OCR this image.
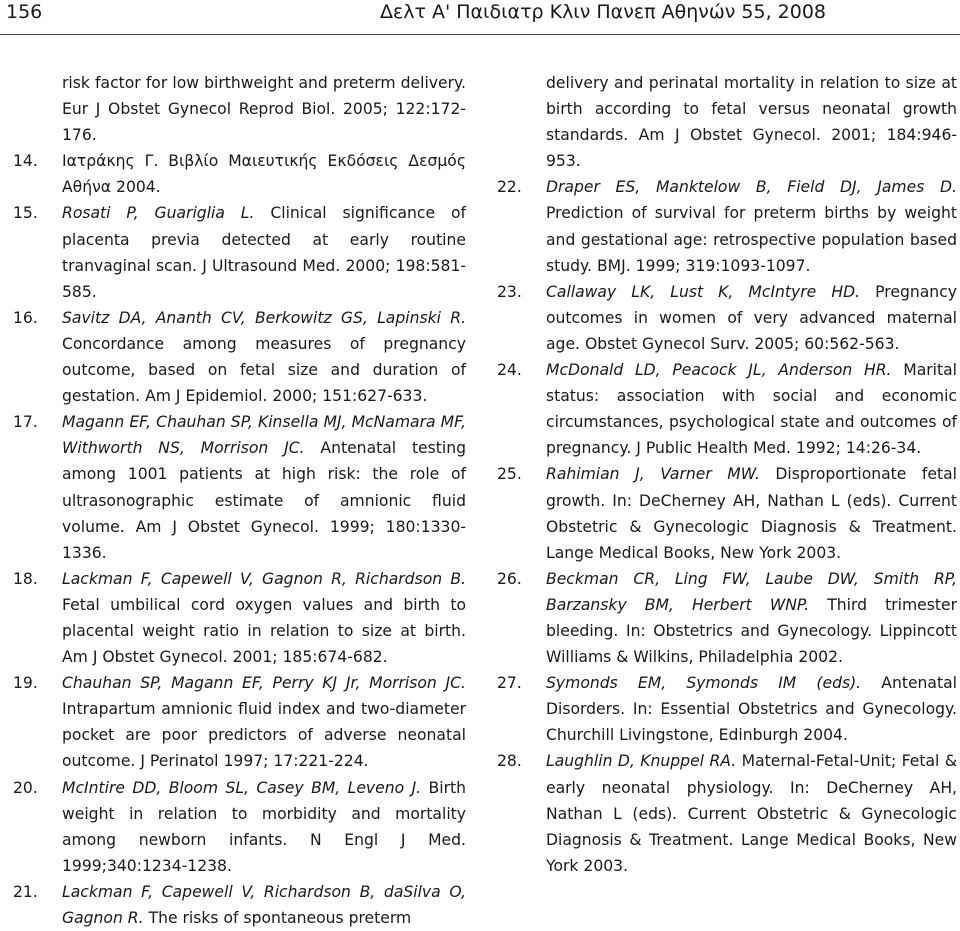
156	Δελτ Α' Παιδιατρ Κλιν Πανεπ Αθηνών 55, 2008

risk factor for low birthweight and preterm delivery. Eur J Obstet Gynecol Reprod Biol. 2005; 122:172-176.

14. Ιατράκης Γ. Βιβλίο Μαιευτικής Εκδόσεις Δεσμός Αθήνα 2004.

15. Rosati P, Guariglia L. Clinical significance of placenta previa detected at early routine tranvaginal scan. J Ultrasound Med. 2000; 198:581-585.

16. Savitz DA, Ananth CV, Berkowitz GS, Lapinski R. Concordance among measures of pregnancy outcome, based on fetal size and duration of gestation. Am J Epidemiol. 2000; 151:627-633.

17. Magann EF, Chauhan SP, Kinsella MJ, McNamara MF, Withworth NS, Morrison JC. Antenatal testing among 1001 patients at high risk: the role of ultrasonographic estimate of amnionic fluid volume. Am J Obstet Gynecol. 1999; 180:1330-1336.

18. Lackman F, Capewell V, Gagnon R, Richardson B. Fetal umbilical cord oxygen values and birth to placental weight ratio in relation to size at birth. Am J Obstet Gynecol. 2001; 185:674-682.

19. Chauhan SP, Magann EF, Perry KJ Jr, Morrison JC. Intrapartum amnionic fluid index and two-diameter pocket are poor predictors of adverse neonatal outcome. J Perinatol 1997; 17:221-224.

20. McIntire DD, Bloom SL, Casey BM, Leveno J. Birth weight in relation to morbidity and mortality among newborn infants. N Engl J Med. 1999;340:1234-1238.

21. Lackman F, Capewell V, Richardson B, daSilva O, Gagnon R. The risks of spontaneous preterm

delivery and perinatal mortality in relation to size at birth according to fetal versus neonatal growth standards. Am J Obstet Gynecol. 2001; 184:946-953.

22. Draper ES, Manktelow B, Field DJ, James D. Prediction of survival for preterm births by weight and gestational age: retrospective population based study. BMJ. 1999; 319:1093-1097.

23. Callaway LK, Lust K, McIntyre HD. Pregnancy outcomes in women of very advanced maternal age. Obstet Gynecol Surv. 2005; 60:562-563.

24. McDonald LD, Peacock JL, Anderson HR. Marital status: association with social and economic circumstances, psychological state and outcomes of pregnancy. J Public Health Med. 1992; 14:26-34.

25. Rahimian J, Varner MW. Disproportionate fetal growth. In: DeCherney AH, Nathan L (eds). Current Obstetric & Gynecologic Diagnosis & Treatment. Lange Medical Books, New York 2003.

26. Beckman CR, Ling FW, Laube DW, Smith RP, Barzansky BM, Herbert WNP. Third trimester bleeding. In: Obstetrics and Gynecology. Lippincott Williams & Wilkins, Philadelphia 2002.

27. Symonds EM, Symonds IM (eds). Antenatal Disorders. In: Essential Obstetrics and Gynecology. Churchill Livingstone, Edinburgh 2004.

28. Laughlin D, Knuppel RA. Maternal-Fetal-Unit; Fetal & early neonatal physiology. In: DeCherney AH, Nathan L (eds). Current Obstetric & Gynecologic Diagnosis & Treatment. Lange Medical Books, New York 2003.
